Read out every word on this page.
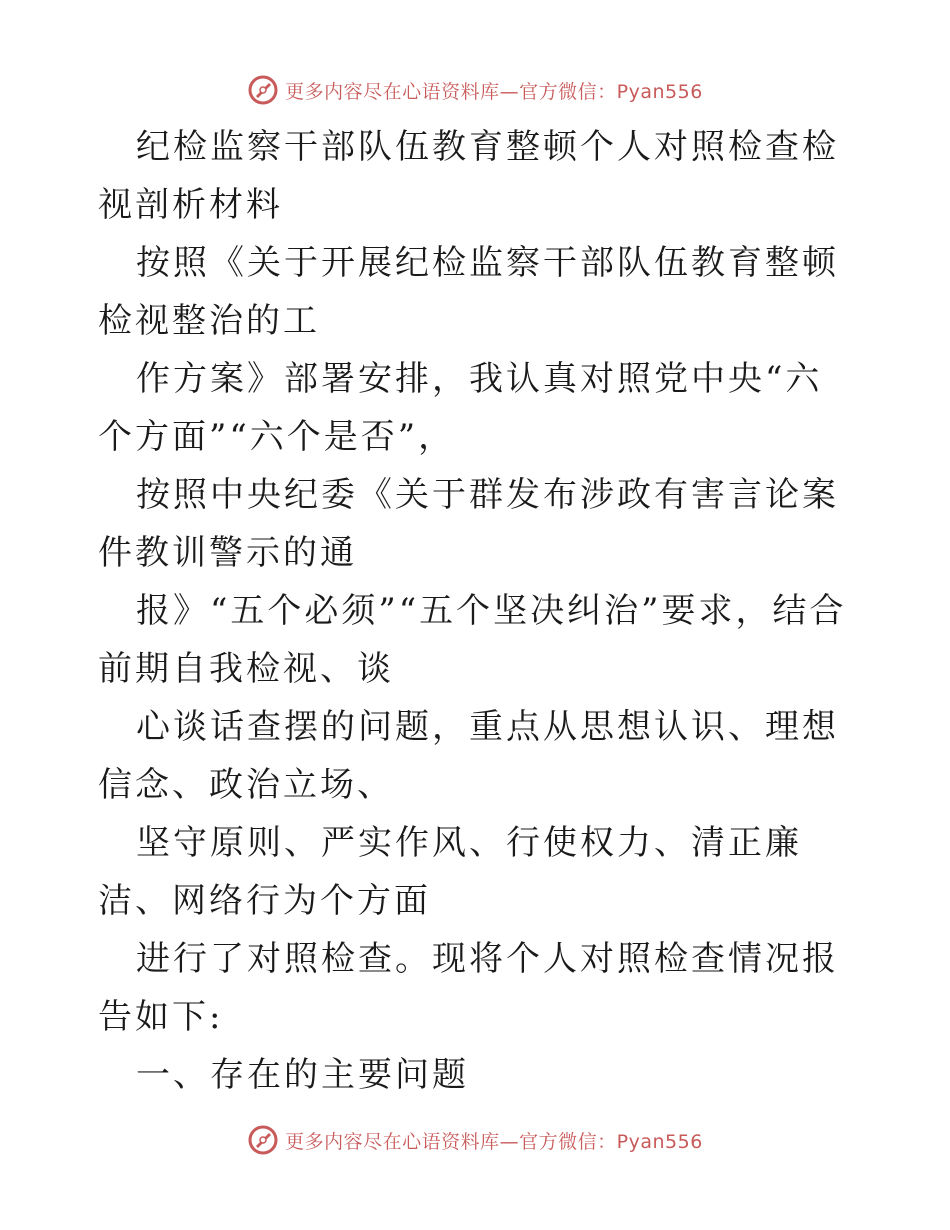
更多内容尽在心语资料库—官方微信：Pyan556

纪检监察干部队伍教育整顿个人对照检查检视剖析材料

按照《关于开展纪检监察干部队伍教育整顿检视整治的工

作方案》部署安排，我认真对照党中央“六个方面”“六个是否”，

按照中央纪委《关于群发布涉政有害言论案件教训警示的通

报》“五个必须”“五个坚决纠治”要求，结合前期自我检视、谈

心谈话查摆的问题，重点从思想认识、理想信念、政治立场、

坚守原则、严实作风、行使权力、清正廉洁、网络行为个方面

进行了对照检查。现将个人对照检查情况报告如下:

一、存在的主要问题

更多内容尽在心语资料库—官方微信：Pyan556
